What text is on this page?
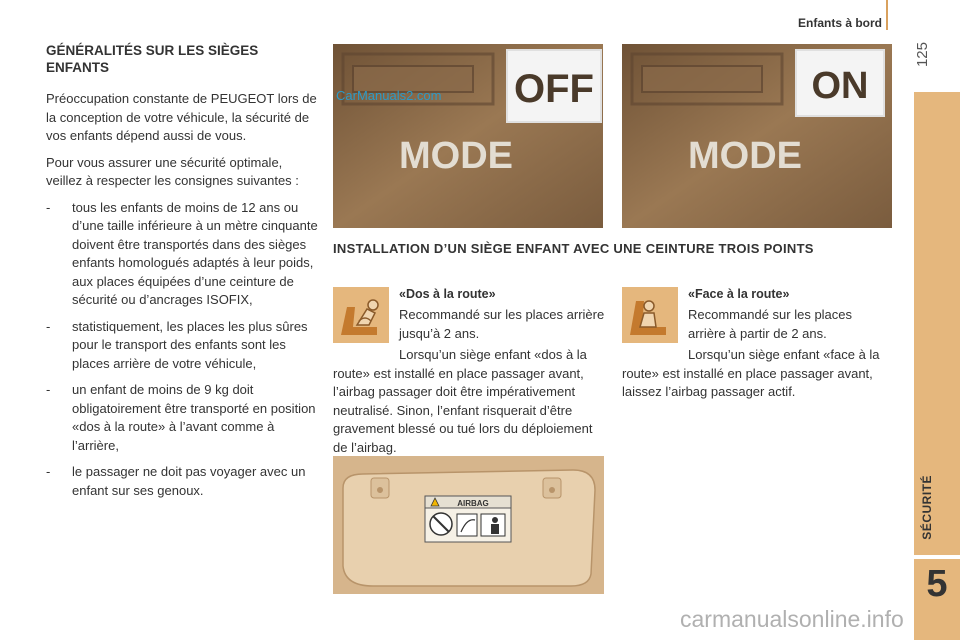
Enfants à bord
125
SÉCURITÉ
5
GÉNÉRALITÉS SUR LES SIÈGES ENFANTS

Préoccupation constante de PEUGEOT lors de la conception de votre véhicule, la sécurité de vos enfants dépend aussi de vous.

Pour vous assurer une sécurité optimale, veillez à respecter les consignes suivantes :

- tous les enfants de moins de 12 ans ou d’une taille inférieure à un mètre cinquante doivent être transportés dans des sièges enfants homologués adaptés à leur poids, aux places équipées d’une ceinture de sécurité ou d’ancrages ISOFIX,
- statistiquement, les places les plus sûres pour le transport des enfants sont les places arrière de votre véhicule,
- un enfant de moins de 9 kg doit obligatoirement être transporté en position «dos à la route» à l’avant comme à l’arrière,
- le passager ne doit pas voyager avec un enfant sur ses genoux.
OFF
MODE
CarManuals2.com	ON
MODE
INSTALLATION D’UN SIÈGE ENFANT AVEC UNE CEINTURE TROIS POINTS
«Dos à la route»

Recommandé sur les places arrière jusqu’à 2 ans.

Lorsqu’un siège enfant «dos à la route» est installé en place passager avant, l’airbag passager doit être impérativement neutralisé. Sinon, l’enfant risquerait d’être gravement blessé ou tué lors du déploiement de l’airbag.

«Face à la route»

Recommandé sur les places arrière à partir de 2 ans.

Lorsqu’un siège enfant «face à la route» est installé en place passager avant, laissez l’airbag passager actif.

AIRBAG
carmanualsonline.info
